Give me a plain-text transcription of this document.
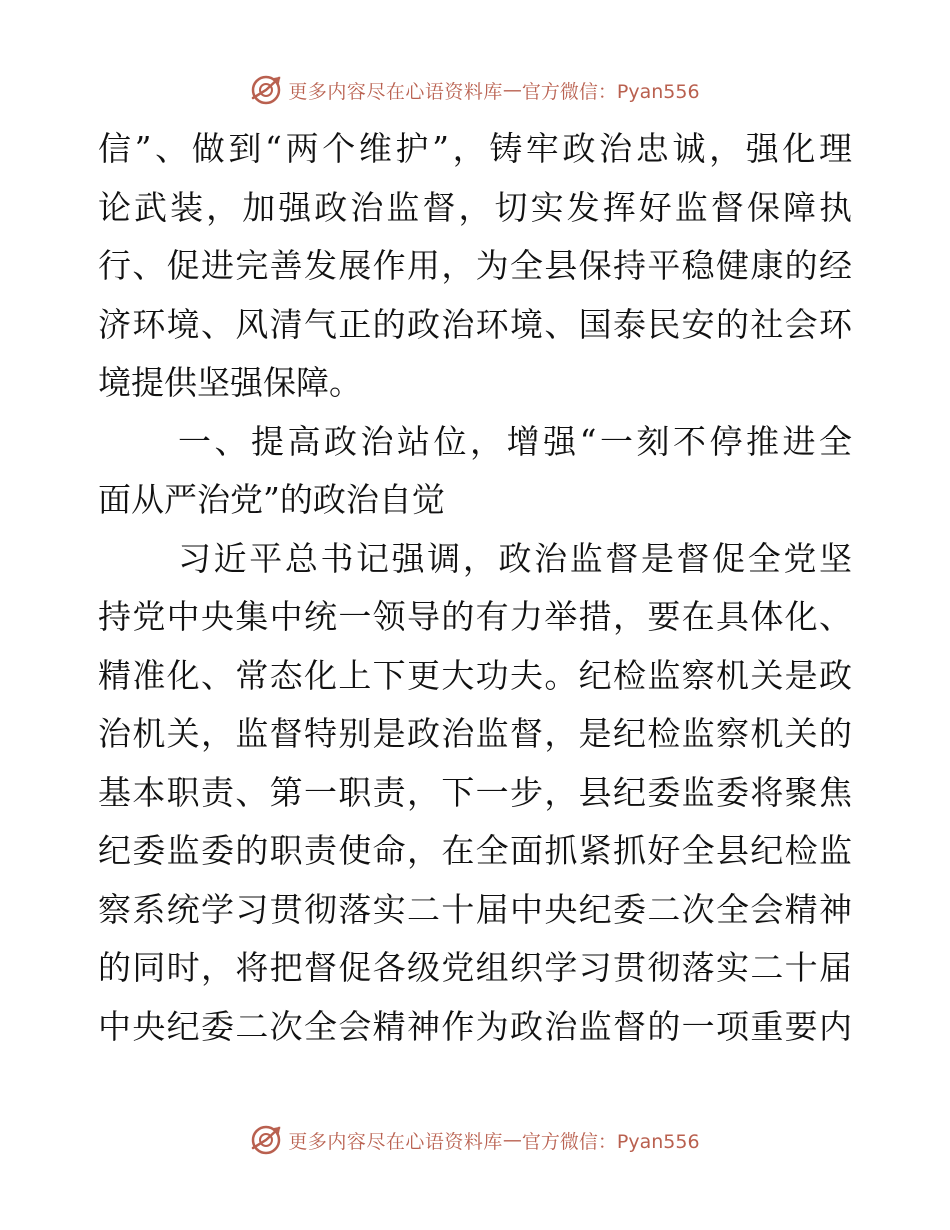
更多内容尽在心语资料库 — 官方微信：Pyan556
信”、做到“两个维护”，铸牢政治忠诚，强化理
论武装，加强政治监督，切实发挥好监督保障执
行、促进完善发展作用，为全县保持平稳健康的经
济环境、风清气正的政治环境、国泰民安的社会环
境提供坚强保障。
一、提高政治站位，增强“一刻不停推进全
面从严治党”的政治自觉
习近平总书记强调，政治监督是督促全党坚
持党中央集中统一领导的有力举措，要在具体化、
精准化、常态化上下更大功夫。纪检监察机关是政
治机关，监督特别是政治监督，是纪检监察机关的
基本职责、第一职责，下一步，县纪委监委将聚焦
纪委监委的职责使命，在全面抓紧抓好全县纪检监
察系统学习贯彻落实二十届中央纪委二次全会精神
的同时，将把督促各级党组织学习贯彻落实二十届
中央纪委二次全会精神作为政治监督的一项重要内
更多内容尽在心语资料库 — 官方微信：Pyan556
